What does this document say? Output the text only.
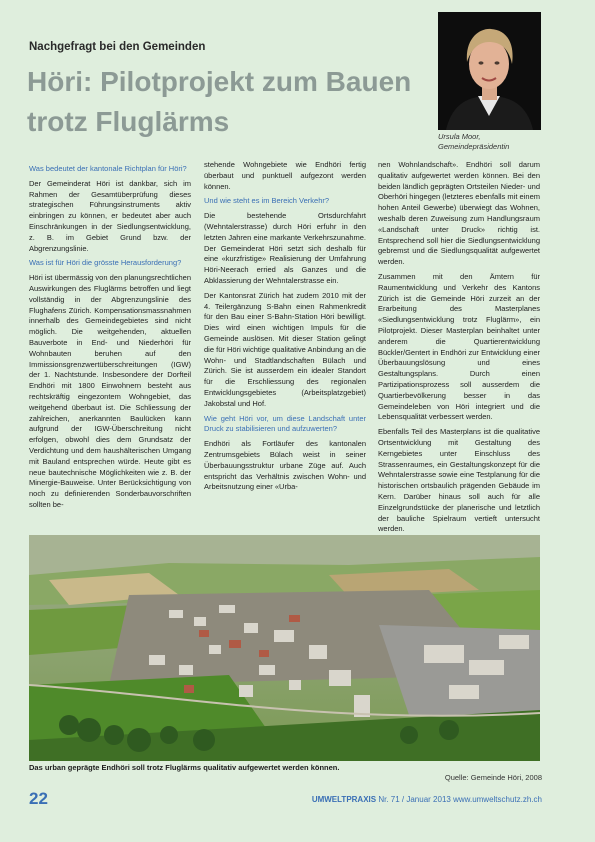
Nachgefragt bei den Gemeinden
Höri: Pilotprojekt zum Bauen
trotz Fluglärms	Ursula Moor,
Gemeindepräsidentin

Was bedeutet der kantonale Richtplan für Höri?

Der Gemeinderat Höri ist dankbar, sich im Rahmen der Gesamtüberprüfung dieses strategischen Führungsinstruments aktiv einbringen zu können, er bedeutet aber auch Einschränkungen in der Siedlungsentwicklung, z. B. im Gebiet Grund bzw. der Abgrenzungslinie.

Was ist für Höri die grösste Herausforderung?

Höri ist übermässig von den planungsrechtlichen Auswirkungen des Fluglärms betroffen und liegt vollständig in der Abgrenzungslinie des Flughafens Zürich. Kompensationsmassnahmen innerhalb des Gemeindegebietes sind nicht möglich. Die weitgehenden, aktuellen Bauverbote in End- und Niederhöri für Wohnbauten beruhen auf den Immissionsgrenzwertüberschreitungen (IGW) der 1. Nachtstunde. Insbesondere der Dorfteil Endhöri mit 1800 Einwohnern besteht aus rechtskräftig eingezontem Wohngebiet, das weitgehend überbaut ist. Die Schliessung der zahlreichen, anerkannten Baulücken kann aufgrund der IGW-Überschreitung nicht erfolgen, obwohl dies dem Grundsatz der Verdichtung und dem haushälterischen Umgang mit Bauland entsprechen würde. Heute gibt es neue bautechnische Möglichkeiten wie z. B. der Minergie-Bauweise. Unter Berücksichtigung von noch zu definierenden Sonderbauvorschriften sollten be-

stehende Wohngebiete wie Endhöri fertig überbaut und punktuell aufgezont werden können.

Und wie steht es im Bereich Verkehr?

Die bestehende Ortsdurchfahrt (Wehntalerstrasse) durch Höri erfuhr in den letzten Jahren eine markante Verkehrszunahme. Der Gemeinderat Höri setzt sich deshalb für eine «kurzfristige» Realisierung der Umfahrung Höri-Neerach erried als Ganzes und die Abklassierung der Wehntalerstrasse ein.

Der Kantonsrat Zürich hat zudem 2010 mit der 4. Teilergänzung S-Bahn einen Rahmenkredit für den Bau einer S-Bahn-Station Höri bewilligt. Dies wird einen wichtigen Impuls für die Gemeinde auslösen. Mit dieser Station gelingt die für Höri wichtige qualitative Anbindung an die Wohn- und Stadtlandschaften Bülach und Zürich. Sie ist ausserdem ein idealer Standort für die Erschliessung des regionalen Entwicklungsgebietes (Arbeitsplatzgebiet) Jakobstal und Hof.

Wie geht Höri vor, um diese Landschaft unter Druck zu stabilisieren und aufzuwerten?

Endhöri als Fortläufer des kantonalen Zentrumsgebiets Bülach weist in seiner Überbauungsstruktur urbane Züge auf. Auch entspricht das Verhältnis zwischen Wohn- und Arbeitsnutzung einer «Urba-

nen Wohnlandschaft». Endhöri soll darum qualitativ aufgewertet werden können. Bei den beiden ländlich geprägten Ortsteilen Nieder- und Oberhöri hingegen (letzteres ebenfalls mit einem hohen Anteil Gewerbe) überwiegt das Wohnen, weshalb deren Zuweisung zum Handlungsraum «Landschaft unter Druck» richtig ist. Entsprechend soll hier die Siedlungsentwicklung gebremst und die Siedlungsqualität aufgewertet werden.

Zusammen mit den Ämtern für Raumentwicklung und Verkehr des Kantons Zürich ist die Gemeinde Höri zurzeit an der Erarbeitung des Masterplanes «Siedlungsentwicklung trotz Fluglärm», ein Pilotprojekt. Dieser Masterplan beinhaltet unter anderem die Quartierentwicklung Bückler/Gentert in Endhöri zur Entwicklung einer Überbauungslösung und eines Gestaltungsplans. Durch einen Partizipationsprozess soll ausserdem die Quartierbevölkerung besser in das Gemeindeleben von Höri integriert und die Lebensqualität verbessert werden.

Ebenfalls Teil des Masterplans ist die qualitative Ortsentwicklung mit Gestaltung des Kerngebietes unter Einschluss des Strassenraumes, ein Gestaltungskonzept für die Wehntalerstrasse sowie eine Testplanung für die historischen ortsbaulich prägenden Gebäude im Kern. Darüber hinaus soll auch für alle Einzelgrundstücke der planerische und letztlich der bauliche Spielraum vertieft untersucht werden.

Das urban geprägte Endhöri soll trotz Fluglärms qualitativ aufgewertet werden können.
Quelle: Gemeinde Höri, 2008
22	UMWELTPRAXIS Nr. 71 / Januar 2013 www.umweltschutz.zh.ch
